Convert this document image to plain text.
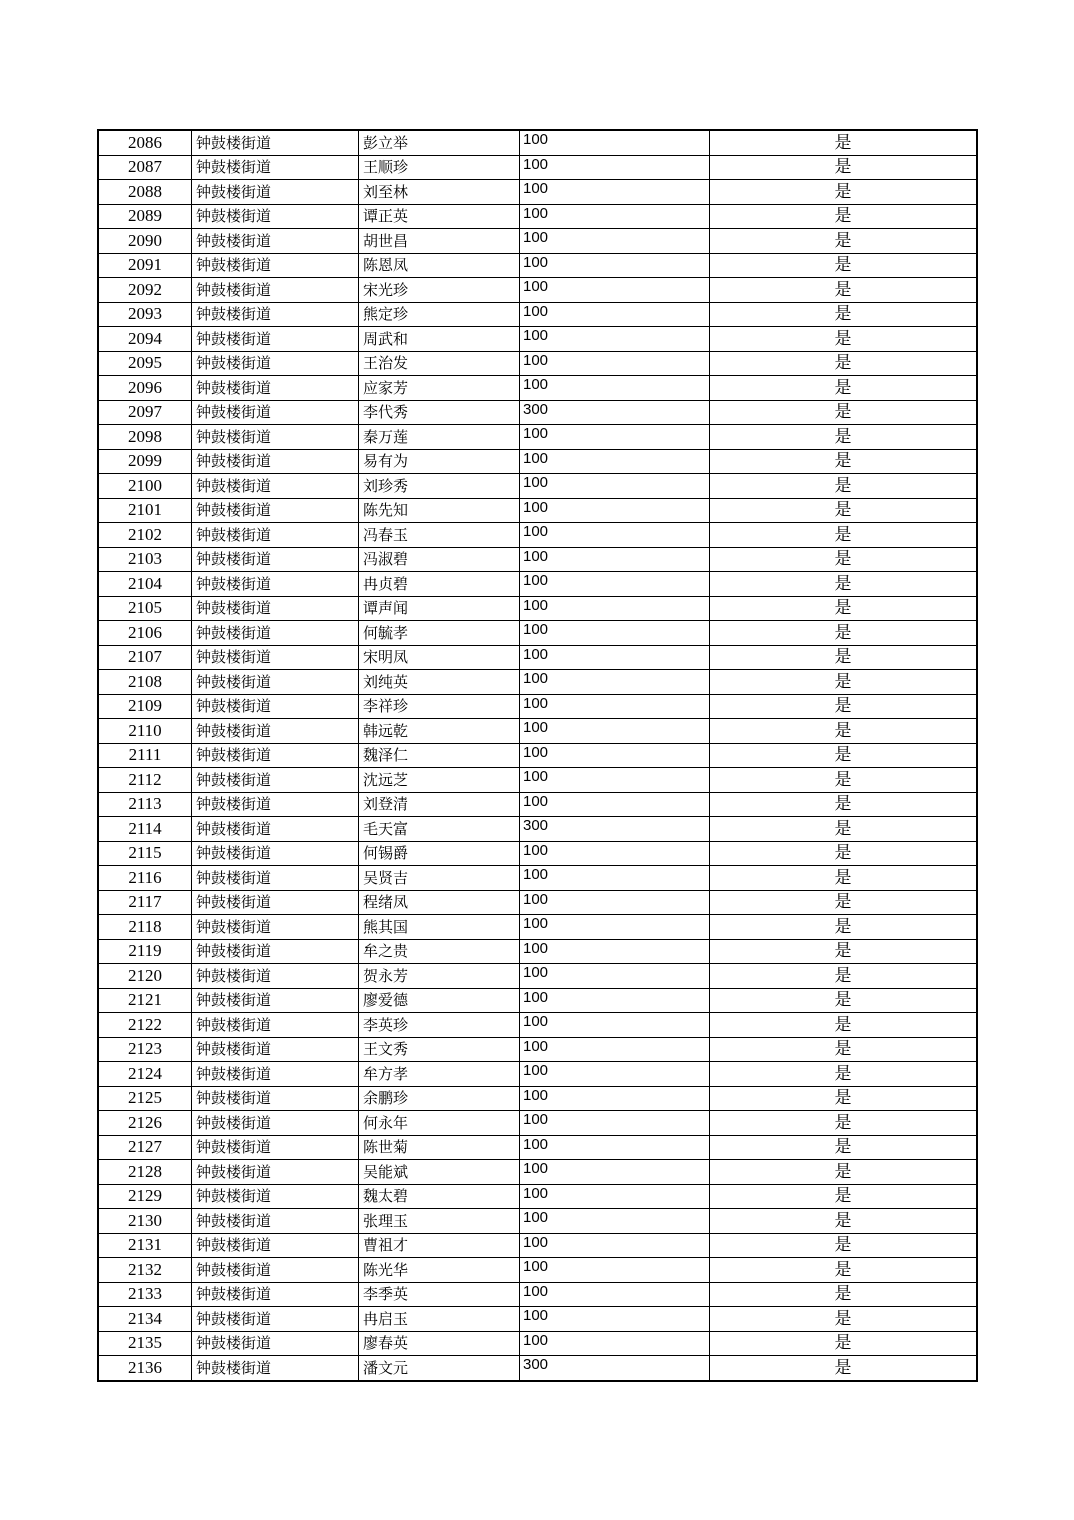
2086	钟鼓楼街道	彭立举	100	是
2087	钟鼓楼街道	王顺珍	100	是
2088	钟鼓楼街道	刘至林	100	是
2089	钟鼓楼街道	谭正英	100	是
2090	钟鼓楼街道	胡世昌	100	是
2091	钟鼓楼街道	陈恩凤	100	是
2092	钟鼓楼街道	宋光珍	100	是
2093	钟鼓楼街道	熊定珍	100	是
2094	钟鼓楼街道	周武和	100	是
2095	钟鼓楼街道	王治发	100	是
2096	钟鼓楼街道	应家芳	100	是
2097	钟鼓楼街道	李代秀	300	是
2098	钟鼓楼街道	秦万莲	100	是
2099	钟鼓楼街道	易有为	100	是
2100	钟鼓楼街道	刘珍秀	100	是
2101	钟鼓楼街道	陈先知	100	是
2102	钟鼓楼街道	冯春玉	100	是
2103	钟鼓楼街道	冯淑碧	100	是
2104	钟鼓楼街道	冉贞碧	100	是
2105	钟鼓楼街道	谭声闻	100	是
2106	钟鼓楼街道	何毓孝	100	是
2107	钟鼓楼街道	宋明凤	100	是
2108	钟鼓楼街道	刘纯英	100	是
2109	钟鼓楼街道	李祥珍	100	是
2110	钟鼓楼街道	韩远乾	100	是
2111	钟鼓楼街道	魏泽仁	100	是
2112	钟鼓楼街道	沈远芝	100	是
2113	钟鼓楼街道	刘登清	100	是
2114	钟鼓楼街道	毛天富	300	是
2115	钟鼓楼街道	何锡爵	100	是
2116	钟鼓楼街道	吴贤吉	100	是
2117	钟鼓楼街道	程绪凤	100	是
2118	钟鼓楼街道	熊其国	100	是
2119	钟鼓楼街道	牟之贵	100	是
2120	钟鼓楼街道	贺永芳	100	是
2121	钟鼓楼街道	廖爱德	100	是
2122	钟鼓楼街道	李英珍	100	是
2123	钟鼓楼街道	王文秀	100	是
2124	钟鼓楼街道	牟方孝	100	是
2125	钟鼓楼街道	余鹏珍	100	是
2126	钟鼓楼街道	何永年	100	是
2127	钟鼓楼街道	陈世菊	100	是
2128	钟鼓楼街道	吴能斌	100	是
2129	钟鼓楼街道	魏太碧	100	是
2130	钟鼓楼街道	张理玉	100	是
2131	钟鼓楼街道	曹祖才	100	是
2132	钟鼓楼街道	陈光华	100	是
2133	钟鼓楼街道	李季英	100	是
2134	钟鼓楼街道	冉启玉	100	是
2135	钟鼓楼街道	廖春英	100	是
2136	钟鼓楼街道	潘文元	300	是
